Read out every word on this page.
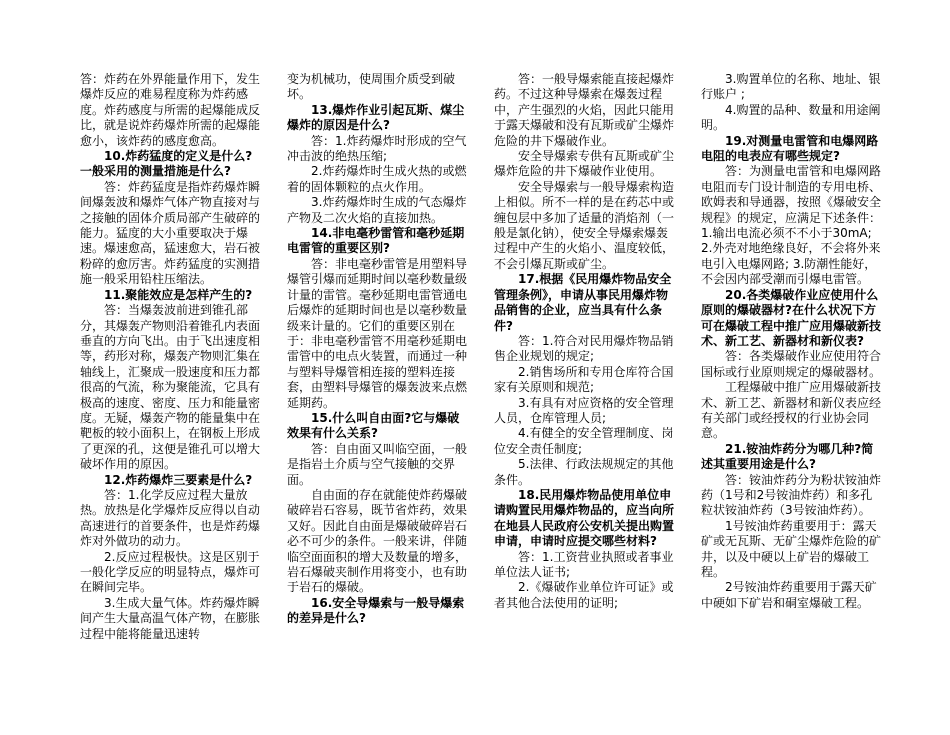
答：炸药在外界能量作用下，发生爆炸反应的难易程度称为炸药感度。炸药感度与所需的起爆能成反比，就是说炸药爆炸所需的起爆能愈小，该炸药的感度愈高。

10.炸药猛度的定义是什么?一般采用的测量措施是什么?

答：炸药猛度是指炸药爆炸瞬间爆轰波和爆炸气体产物直接对与之接触的固体介质局部产生破碎的能力。猛度的大小重要取决于爆速。爆速愈高，猛速愈大，岩石被粉碎的愈厉害。炸药猛度的实测措施一般采用铅柱压缩法。

11.聚能效应是怎样产生的?

答：当爆轰波前进到锥孔部分，其爆轰产物则沿着锥孔内表面垂直的方向飞出。由于飞出速度相等，药形对称，爆轰产物则汇集在轴线上，汇聚成一股速度和压力都很高的气流，称为聚能流，它具有极高的速度、密度、压力和能量密度。无疑，爆轰产物的能量集中在靶板的较小面积上，在钢板上形成了更深的孔，这便是锥孔可以增大破坏作用的原因。

12.炸药爆炸三要素是什么?

答：1.化学反应过程大量放热。放热是化学爆炸反应得以自动高速进行的首要条件，也是炸药爆炸对外做功的动力。

2.反应过程极快。这是区别于一般化学反应的明显特点，爆炸可在瞬间完毕。

3.生成大量气体。炸药爆炸瞬间产生大量高温气体产物，在膨胀过程中能将能量迅速转

变为机械功，使周围介质受到破坏。

13.爆炸作业引起瓦斯、煤尘爆炸的原因是什么?

答：1.炸药爆炸时形成的空气冲击波的绝热压缩;

2.炸药爆炸时生成火热的或燃着的固体颗粒的点火作用。

3.炸药爆炸时生成的气态爆炸产物及二次火焰的直接加热。

14.非电毫秒雷管和毫秒延期电雷管的重要区别?

答：非电毫秒雷管是用塑料导爆管引爆而延期时间以毫秒数量级计量的雷管。毫秒延期电雷管通电后爆炸的延期时间也是以毫秒数量级来计量的。它们的重要区别在于：非电毫秒雷管不用毫秒延期电雷管中的电点火装置，而通过一种与塑料导爆管相连接的塑料连接套，由塑料导爆管的爆轰波来点燃延期药。

15.什么叫自由面?它与爆破效果有什么关系?

答：自由面又叫临空面，一般是指岩土介质与空气接触的交界面。

自由面的存在就能使炸药爆破破碎岩石容易，既节省炸药，效果又好。因此自由面是爆破破碎岩石必不可少的条件。一般来讲，伴随临空面面积的增大及数量的增多，岩石爆破夹制作用将变小，也有助于岩石的爆破。

16.安全导爆索与一般导爆索的差异是什么?

答：一般导爆索能直接起爆炸药。不过这种导爆索在爆轰过程中，产生强烈的火焰，因此只能用于露天爆破和没有瓦斯或矿尘爆炸危险的井下爆破作业。

安全导爆索专供有瓦斯或矿尘爆炸危险的井下爆破作业使用。

安全导爆索与一般导爆索构造上相似。所不一样的是在药芯中或缠包层中多加了适量的消焰剂（一般是氯化钠），使安全导爆索爆轰过程中产生的火焰小、温度较低，不会引爆瓦斯或矿尘。

17.根据《民用爆炸物品安全管理条例》，申请从事民用爆炸物品销售的企业，应当具有什么条件?

答：1.符合对民用爆炸物品销售企业规划的规定;

2.销售场所和专用仓库符合国家有关原则和规范;

3.有具有对应资格的安全管理人员，仓库管理人员;

4.有健全的安全管理制度、岗位安全责任制度;

5.法律、行政法规规定的其他条件。

18.民用爆炸物品使用单位申请购置民用爆炸物品的，应当向所在地县人民政府公安机关提出购置申请，申请时应提交哪些材料?

答：1.工资营业执照或者事业单位法人证书;

2.《爆破作业单位许可证》或者其他合法使用的证明;

3.购置单位的名称、地址、银行账户 ;

4.购置的品种、数量和用途阐明。

19.对测量电雷管和电爆网路电阻的电表应有哪些规定?

答：为测量电雷管和电爆网路电阻而专门设计制造的专用电桥、欧姆表和导通器，按照《爆破安全规程》的规定，应满足下述条件：1.输出电流必须不不小于30mA; 2.外壳对地绝缘良好，不会将外来电引入电爆网路; 3.防潮性能好，不会因内部受潮而引爆电雷管。

20.各类爆破作业应使用什么原则的爆破器材?在什么状况下方可在爆破工程中推广应用爆破新技术、新工艺、新器材和新仪表?

答：各类爆破作业应使用符合国标或行业原则规定的爆破器材。

工程爆破中推广应用爆破新技术、新工艺、新器材和新仪表应经有关部门或经授权的行业协会同意。

21.铵油炸药分为哪几种?简述其重要用途是什么?

答：铵油炸药分为粉状铵油炸药（1号和2号铵油炸药）和多孔粒状铵油炸药（3号铵油炸药）。

1号铵油炸药重要用于：露天矿或无瓦斯、无矿尘爆炸危险的矿井，以及中硬以上矿岩的爆破工程。

2号铵油炸药重要用于露天矿中硬如下矿岩和硐室爆破工程。
